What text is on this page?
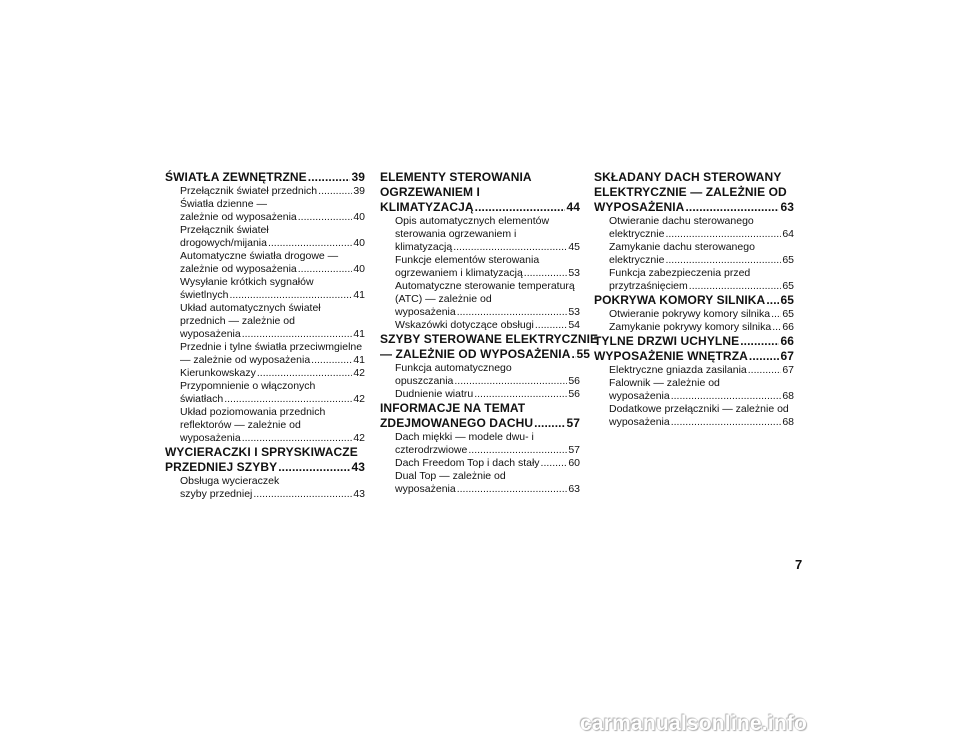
ŚWIATŁA ZEWNĘTRZNE .....	39
Przełącznik świateł przednich .....	39
Światła dzienne —
zależnie od wyposażenia .....	40
Przełącznik świateł
drogowych/mijania .....	40
Automatyczne światła drogowe —
zależnie od wyposażenia .....	40
Wysyłanie krótkich sygnałów
świetlnych .....	41
Układ automatycznych świateł
przednich — zależnie od
wyposażenia .....	41
Przednie i tylne światła przeciwmgielne
— zależnie od wyposażenia .....	41
Kierunkowskazy .....	42
Przypomnienie o włączonych
światłach .....	42
Układ poziomowania przednich
reflektorów — zależnie od
wyposażenia .....	42
WYCIERACZKI I SPRYSKIWACZE
PRZEDNIEJ SZYBY .....	43
Obsługa wycieraczek
szyby przedniej .....	43
ELEMENTY STEROWANIA
OGRZEWANIEM I
KLIMATYZACJĄ .....	44
Opis automatycznych elementów
sterowania ogrzewaniem i
klimatyzacją .....	45
Funkcje elementów sterowania
ogrzewaniem i klimatyzacją .....	53
Automatyczne sterowanie temperaturą
(ATC) — zależnie od
wyposażenia .....	53
Wskazówki dotyczące obsługi .....	54
SZYBY STEROWANE ELEKTRYCZNIE
— ZALEŻNIE OD WYPOSAŻENIA ..... 55
Funkcja automatycznego
opuszczania .....	56
Dudnienie wiatru .....	56
INFORMACJE NA TEMAT
ZDEJMOWANEGO DACHU .....	57
Dach miękki — modele dwu- i
czterodrzwiowe .....	57
Dach Freedom Top i dach stały .....	60
Dual Top — zależnie od
wyposażenia .....	63
SKŁADANY DACH STEROWANY
ELEKTRYCZNIE — ZALEŻNIE OD
WYPOSAŻENIA .....	63
Otwieranie dachu sterowanego
elektrycznie .....	64
Zamykanie dachu sterowanego
elektrycznie .....	65
Funkcja zabezpieczenia przed
przytrzaśnięciem .....	65
POKRYWA KOMORY SILNIKA ..... 65
Otwieranie pokrywy komory silnika ..... 65
Zamykanie pokrywy komory silnika ..... 66
TYLNE DRZWI UCHYLNE .....	66
WYPOSAŻENIE WNĘTRZA .....	67
Elektryczne gniazda zasilania .....	67
Falownik — zależnie od
wyposażenia .....	68
Dodatkowe przełączniki — zależnie od
wyposażenia .....	68
7
carmanualsonline.info
